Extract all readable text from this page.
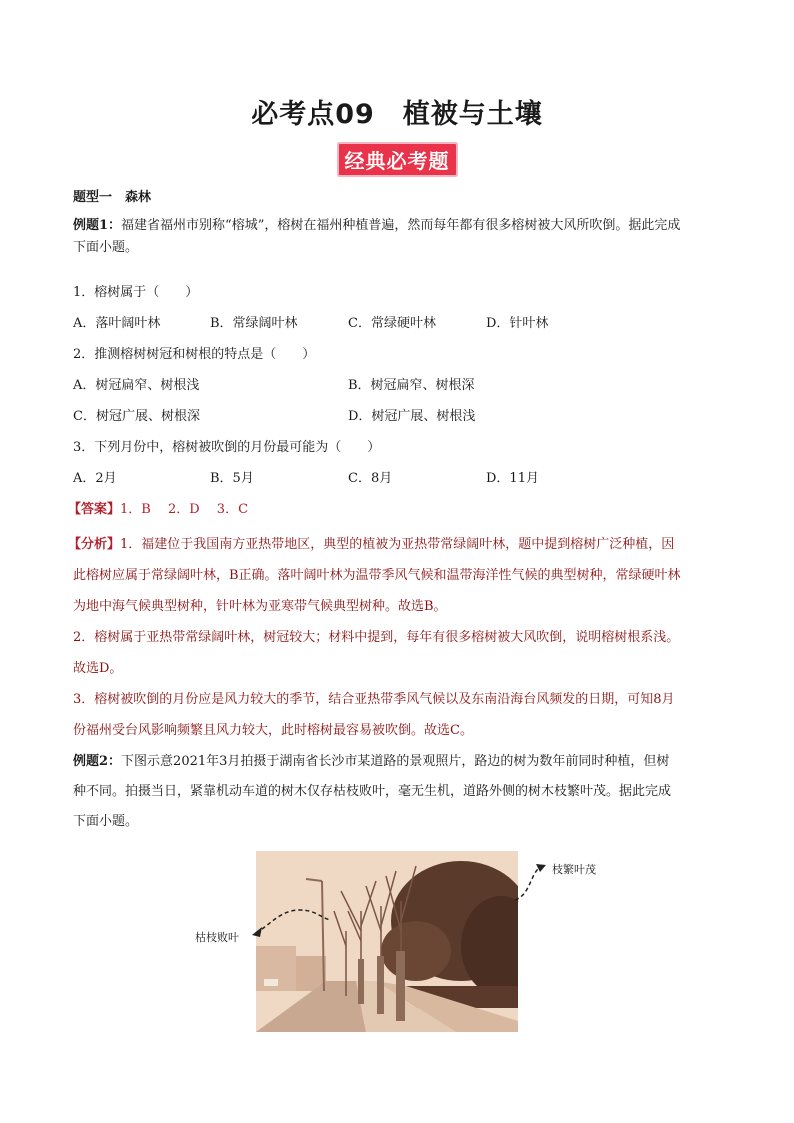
必考点09　植被与土壤
经典必考题
题型一　森林
例题1：福建省福州市别称“榕城”，榕树在福州种植普遍，然而每年都有很多榕树被大风所吹倒。据此完成
下面小题。
1．榕树属于（　　）
A．落叶阔叶林	B．常绿阔叶林	C．常绿硬叶林	D．针叶林
2．推测榕树树冠和树根的特点是（　　）
A．树冠扁窄、树根浅	B．树冠扁窄、树根深
C．树冠广展、树根深	D．树冠广展、树根浅
3．下列月份中，榕树被吹倒的月份最可能为（　　）
A．2月	B．5月	C．8月	D．11月
【答案】1．B　 2．D　 3．C
【分析】1．福建位于我国南方亚热带地区，典型的植被为亚热带常绿阔叶林，题中提到榕树广泛种植，因
此榕树应属于常绿阔叶林，B正确。落叶阔叶林为温带季风气候和温带海洋性气候的典型树种，常绿硬叶林
为地中海气候典型树种，针叶林为亚寒带气候典型树种。故选B。
2．榕树属于亚热带常绿阔叶林，树冠较大；材料中提到，每年有很多榕树被大风吹倒，说明榕树根系浅。
故选D。
3．榕树被吹倒的月份应是风力较大的季节，结合亚热带季风气候以及东南沿海台风频发的日期，可知8月
份福州受台风影响频繁且风力较大，此时榕树最容易被吹倒。故选C。
例题2：下图示意2021年3月拍摄于湖南省长沙市某道路的景观照片，路边的树为数年前同时种植，但树
种不同。拍摄当日，紧靠机动车道的树木仅存枯枝败叶，毫无生机，道路外侧的树木枝繁叶茂。据此完成
下面小题。
枯枝败叶
枝繁叶茂
